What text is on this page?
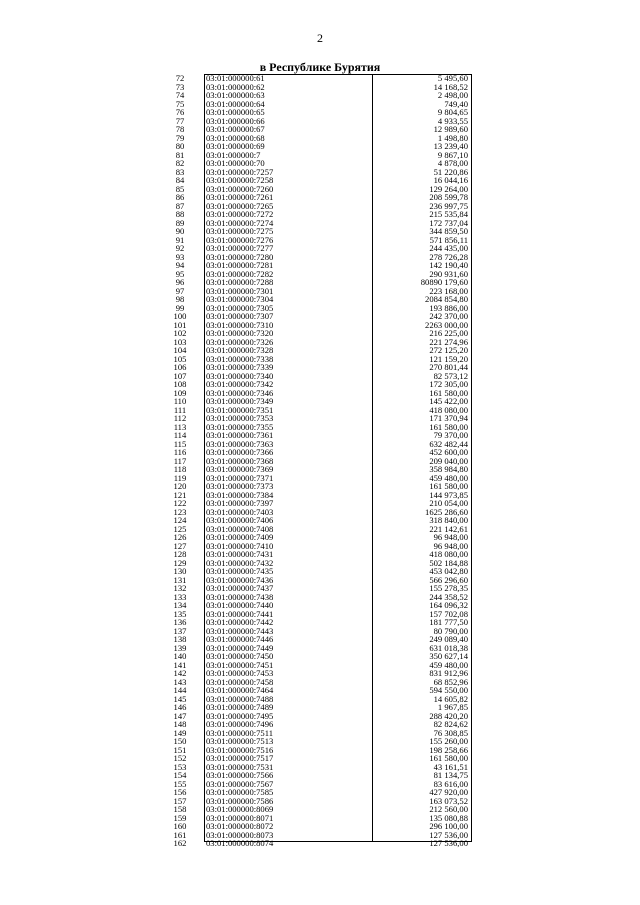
2
в Республике Бурятия
72	03:01:000000:61	5 495,60
73	03:01:000000:62	14 168,52
74	03:01:000000:63	2 498,00
75	03:01:000000:64	749,40
76	03:01:000000:65	9 804,65
77	03:01:000000:66	4 933,55
78	03:01:000000:67	12 989,60
79	03:01:000000:68	1 498,80
80	03:01:000000:69	13 239,40
81	03:01:000000:7	9 867,10
82	03:01:000000:70	4 878,00
83	03:01:000000:7257	51 220,86
84	03:01:000000:7258	16 044,16
85	03:01:000000:7260	129 264,00
86	03:01:000000:7261	208 599,78
87	03:01:000000:7265	236 997,75
88	03:01:000000:7272	215 535,84
89	03:01:000000:7274	172 737,04
90	03:01:000000:7275	344 859,50
91	03:01:000000:7276	571 856,11
92	03:01:000000:7277	244 435,00
93	03:01:000000:7280	278 726,28
94	03:01:000000:7281	142 190,40
95	03:01:000000:7282	290 931,60
96	03:01:000000:7288	80890 179,60
97	03:01:000000:7301	223 168,00
98	03:01:000000:7304	2084 854,80
99	03:01:000000:7305	193 886,00
100	03:01:000000:7307	242 370,00
101	03:01:000000:7310	2263 000,00
102	03:01:000000:7320	216 225,00
103	03:01:000000:7326	221 274,96
104	03:01:000000:7328	272 125,20
105	03:01:000000:7338	121 159,20
106	03:01:000000:7339	270 801,44
107	03:01:000000:7340	82 573,12
108	03:01:000000:7342	172 305,00
109	03:01:000000:7346	161 580,00
110	03:01:000000:7349	145 422,00
111	03:01:000000:7351	418 080,00
112	03:01:000000:7353	171 370,94
113	03:01:000000:7355	161 580,00
114	03:01:000000:7361	79 370,00
115	03:01:000000:7363	632 482,44
116	03:01:000000:7366	452 600,00
117	03:01:000000:7368	209 040,00
118	03:01:000000:7369	358 984,80
119	03:01:000000:7371	459 480,00
120	03:01:000000:7373	161 580,00
121	03:01:000000:7384	144 973,85
122	03:01:000000:7397	210 054,00
123	03:01:000000:7403	1625 286,60
124	03:01:000000:7406	318 840,00
125	03:01:000000:7408	221 142,61
126	03:01:000000:7409	96 948,00
127	03:01:000000:7410	96 948,00
128	03:01:000000:7431	418 080,00
129	03:01:000000:7432	502 184,88
130	03:01:000000:7435	453 042,80
131	03:01:000000:7436	566 296,60
132	03:01:000000:7437	155 278,35
133	03:01:000000:7438	244 358,52
134	03:01:000000:7440	164 096,32
135	03:01:000000:7441	157 702,08
136	03:01:000000:7442	181 777,50
137	03:01:000000:7443	80 790,00
138	03:01:000000:7446	249 089,40
139	03:01:000000:7449	631 018,38
140	03:01:000000:7450	350 627,14
141	03:01:000000:7451	459 480,00
142	03:01:000000:7453	831 912,96
143	03:01:000000:7458	68 852,96
144	03:01:000000:7464	594 550,00
145	03:01:000000:7488	14 605,82
146	03:01:000000:7489	1 967,85
147	03:01:000000:7495	288 420,20
148	03:01:000000:7496	82 824,62
149	03:01:000000:7511	76 308,85
150	03:01:000000:7513	155 260,00
151	03:01:000000:7516	198 258,66
152	03:01:000000:7517	161 580,00
153	03:01:000000:7531	43 161,51
154	03:01:000000:7566	81 134,75
155	03:01:000000:7567	83 616,00
156	03:01:000000:7585	427 920,00
157	03:01:000000:7586	163 073,52
158	03:01:000000:8069	212 560,00
159	03:01:000000:8071	135 080,88
160	03:01:000000:8072	296 100,00
161	03:01:000000:8073	127 536,00
162	03:01:000000:8074	127 536,00
